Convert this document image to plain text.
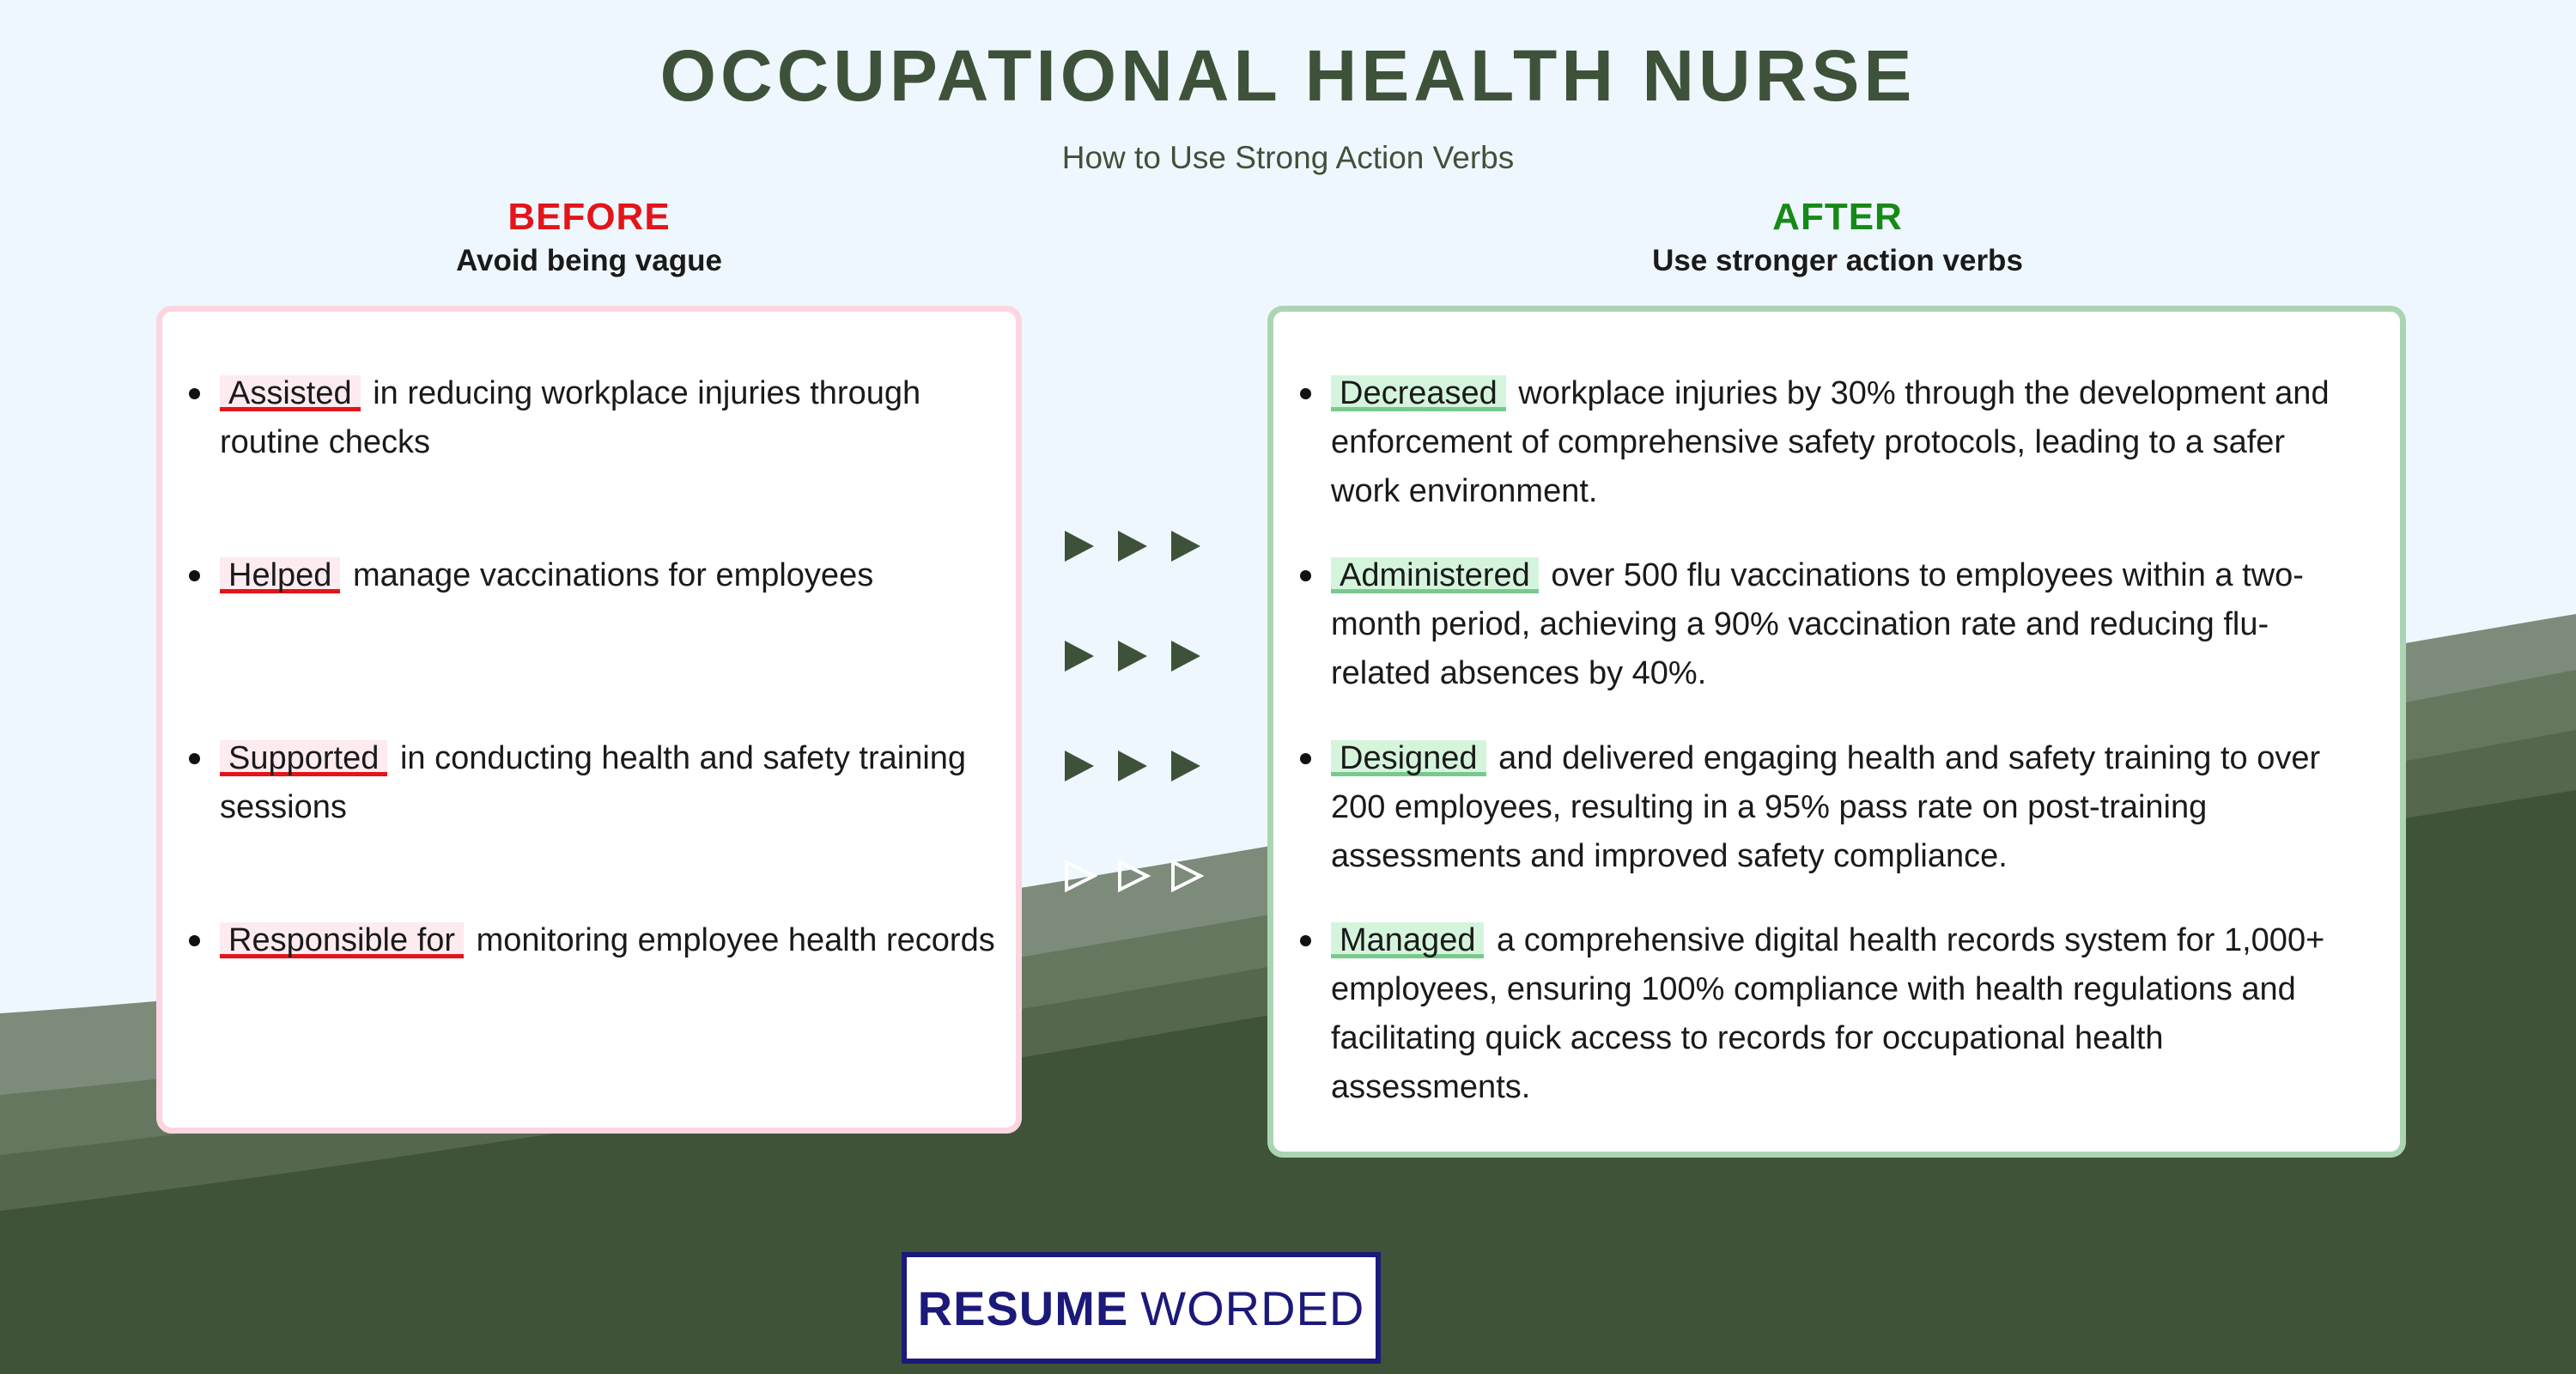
OCCUPATIONAL HEALTH NURSE
How to Use Strong Action Verbs
BEFORE
Avoid being vague
AFTER
Use stronger action verbs
Assisted in reducing workplace injuries through routine checks
Helped manage vaccinations for employees
Supported in conducting health and safety training sessions
Responsible for monitoring employee health records
Decreased workplace injuries by 30% through the development and enforcement of comprehensive safety protocols, leading to a safer work environment.
Administered over 500 flu vaccinations to employees within a two-month period, achieving a 90% vaccination rate and reducing flu-related absences by 40%.
Designed and delivered engaging health and safety training to over 200 employees, resulting in a 95% pass rate on post-training assessments and improved safety compliance.
Managed a comprehensive digital health records system for 1,000+ employees, ensuring 100% compliance with health regulations and facilitating quick access to records for occupational health assessments.
RESUME WORDED
